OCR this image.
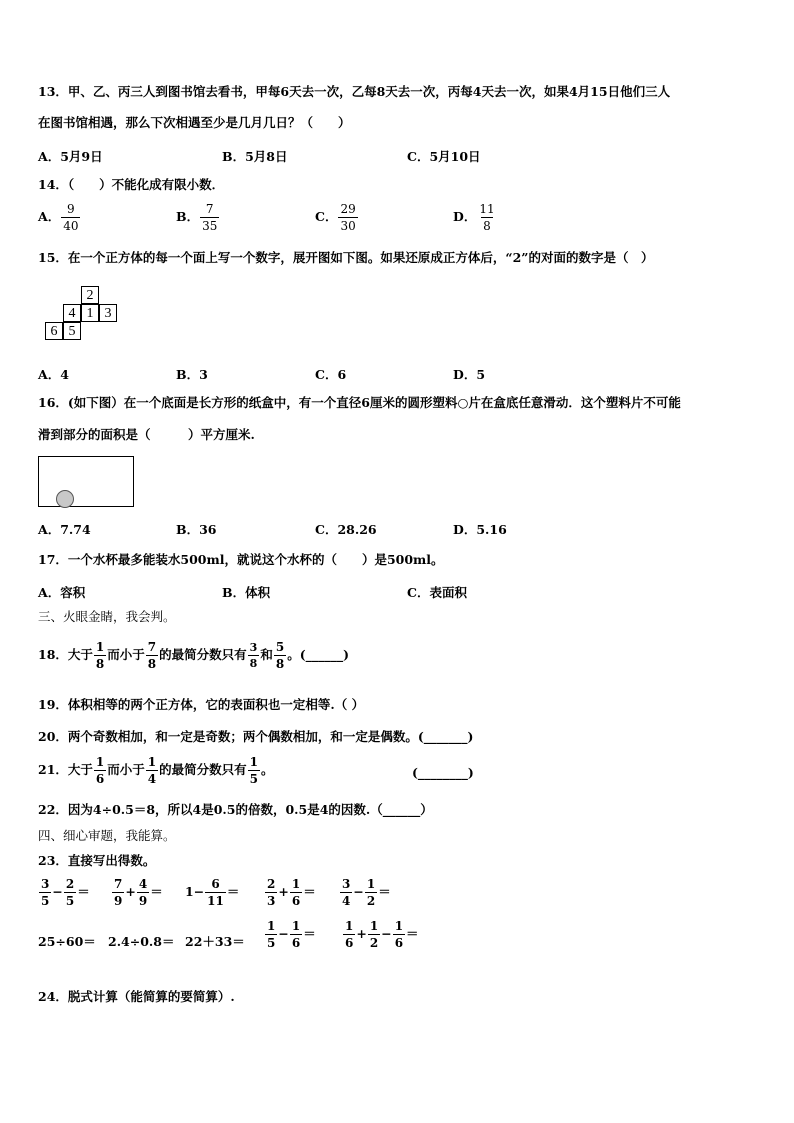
13．甲、乙、丙三人到图书馆去看书，甲每6天去一次，乙每8天去一次，丙每4天去一次，如果4月15日他们三人
在图书馆相遇，那么下次相遇至少是几月几日？（　　）
A．5月9日	B．5月8日	C．5月10日
14．（　　）不能化成有限小数．
A． $\frac{9}{40}$	B． $\frac{7}{35}$	C． $\frac{29}{30}$	D． $\frac{11}{8}$
15．在一个正方体的每一个面上写一个数字，展开图如下图。如果还原成正方体后，“2”的对面的数字是（　）
2
4 1 3
6 5
A．4	B．3	C．6	D．5
16．(如下图）在一个底面是长方形的纸盒中，有一个直径6厘米的圆形塑料○片在盒底任意滑动．这个塑料片不可能
滑到部分的面积是（　　　）平方厘米.
A．7.74	B．36	C．28.26	D．5.16
17．一个水杯最多能装水500ml，就说这个水杯的（　　）是500ml。
A．容积	B．体积	C．表面积
三、火眼金睛，我会判。
18．大于 $\frac{1}{8}$ 而小于 $\frac{7}{8}$ 的最简分数只有 $\frac{3}{8}$ 和 $\frac{5}{8}$ 。(______)
19．体积相等的两个正方体，它的表面积也一定相等.（ ）
20．两个奇数相加，和一定是奇数；两个偶数相加，和一定是偶数。(_______)
21．大于 $\frac{1}{6}$ 而小于 $\frac{1}{4}$ 的最简分数只有 $\frac{1}{5}$ 。	(________)
22．因为4÷0.5＝8，所以4是0.5的倍数，0.5是4的因数.（______）
四、细心审题，我能算。
23．直接写出得数。
$\frac{3}{5} - \frac{2}{5} = \frac{7}{9} + \frac{4}{9} = 1- \frac{6}{11} = \frac{2}{3} + \frac{1}{6} = \frac{3}{4} - \frac{1}{2}$ ＝
$25\div 60= 2.4\div 0.8= 22+33= \frac{1}{5} - \frac{1}{6} = \frac{1}{6} + \frac{1}{2} - \frac{1}{6}$ ＝
24．脱式计算（能简算的要简算）.
